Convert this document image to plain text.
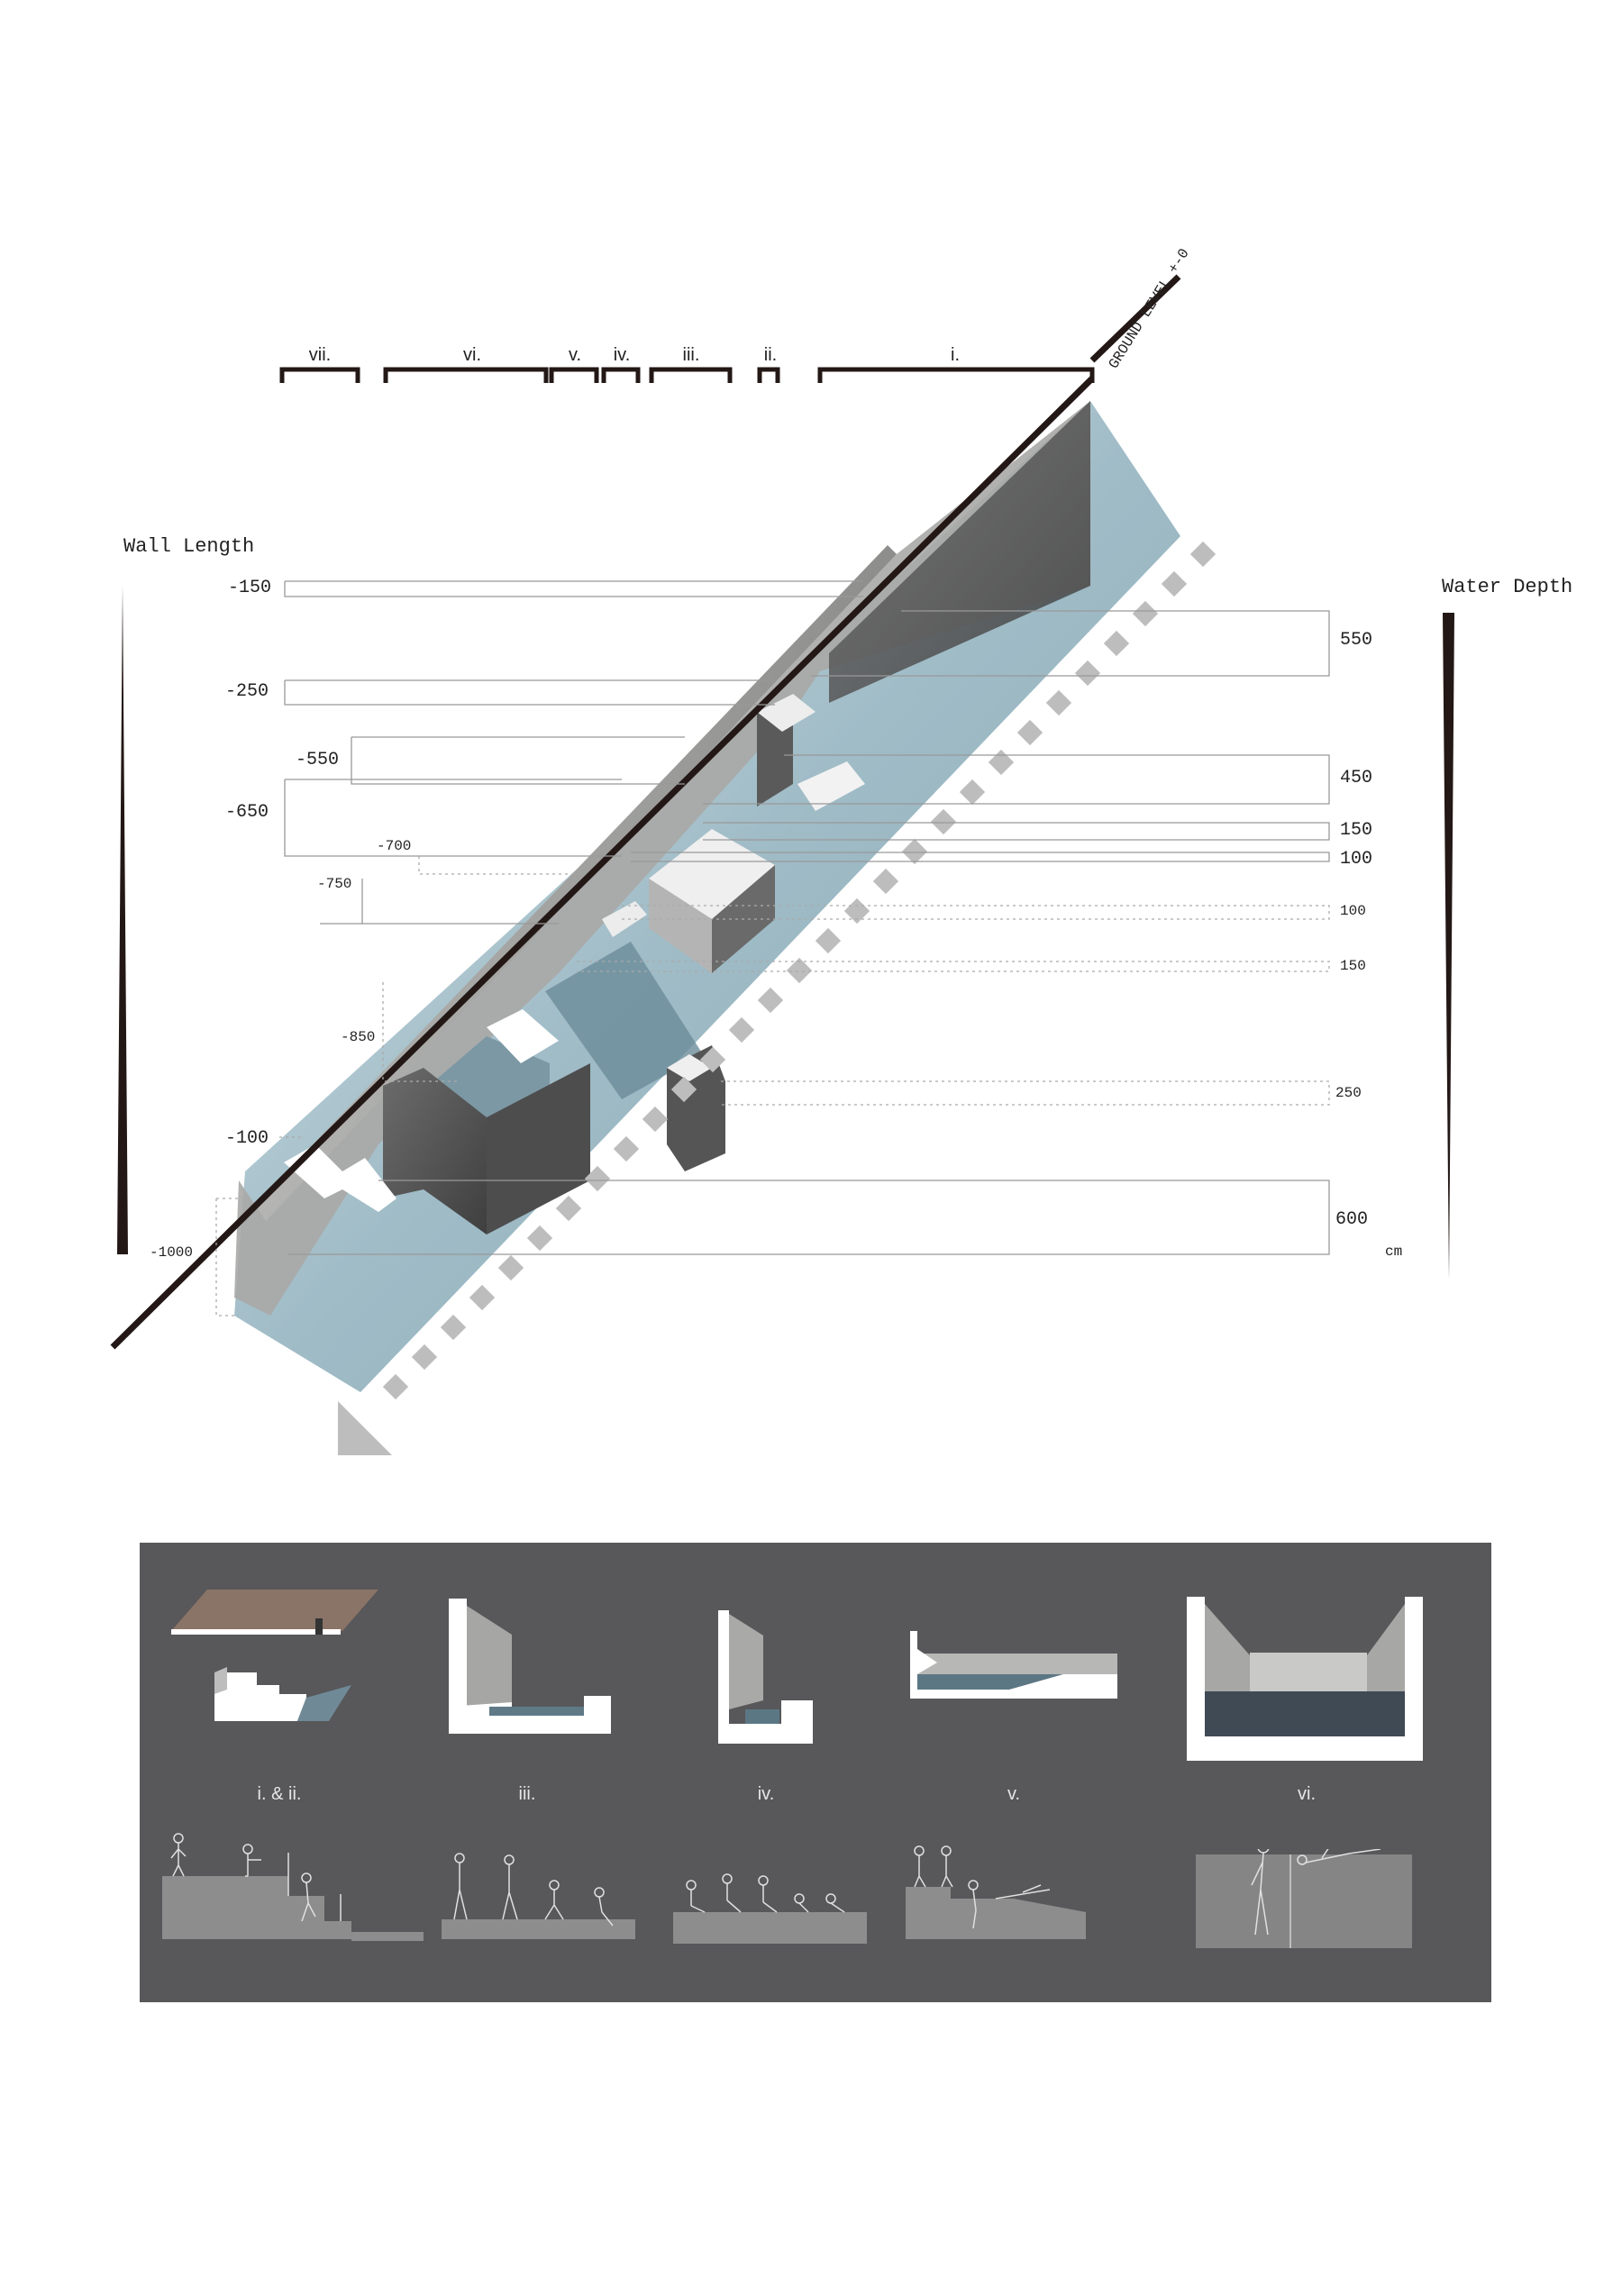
vii.	vi.	v. iv.	iii.	ii.	i.	GROUND LEVEL +-0
Wall Length
Water Depth
cm
-150
-250
-550
-650
-700
-750
-850
-100
-1000
550
450
150
100
100
150
250
600
i. & ii.	iii.	iv.	v.	vi.
